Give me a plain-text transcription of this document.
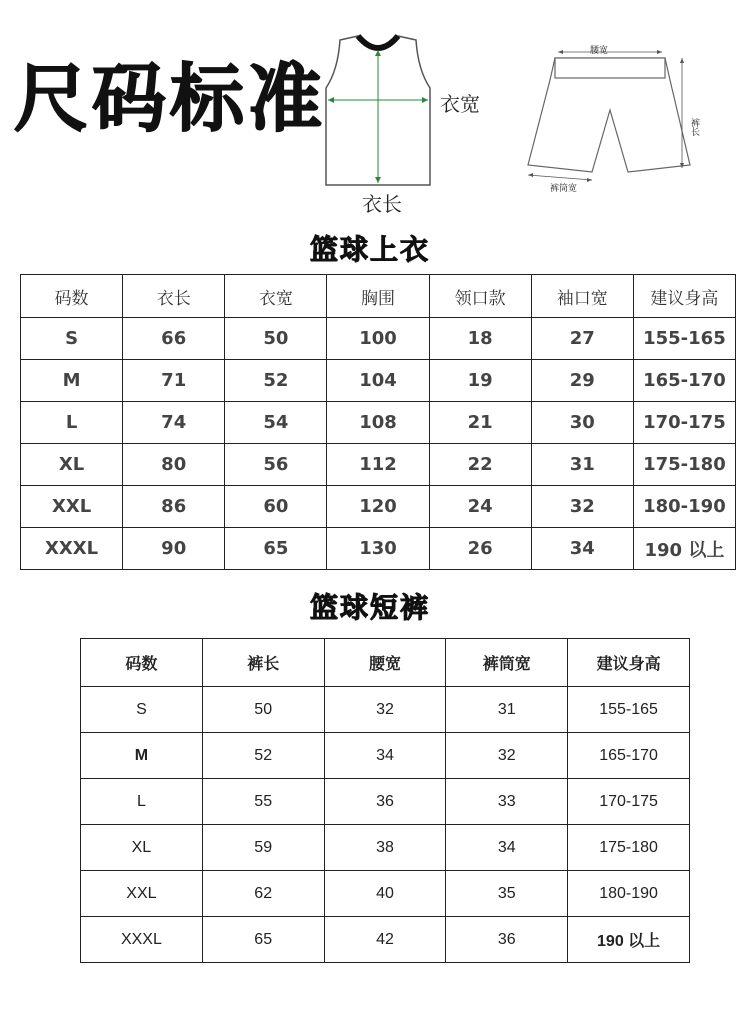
尺码标准	衣宽
衣长
腰宽
裤长
裤筒宽
篮球上衣
码数	衣长	衣宽	胸围	领口款	袖口宽	建议身高
S	66	50	100	18	27	155-165
M	71	52	104	19	29	165-170
L	74	54	108	21	30	170-175
XL	80	56	112	22	31	175-180
XXL	86	60	120	24	32	180-190
XXXL	90	65	130	26	34	190 以上
篮球短裤
码数	裤长	腰宽	裤筒宽	建议身高
S	50	32	31	155-165
M	52	34	32	165-170
L	55	36	33	170-175
XL	59	38	34	175-180
XXL	62	40	35	180-190
XXXL	65	42	36	190 以上
